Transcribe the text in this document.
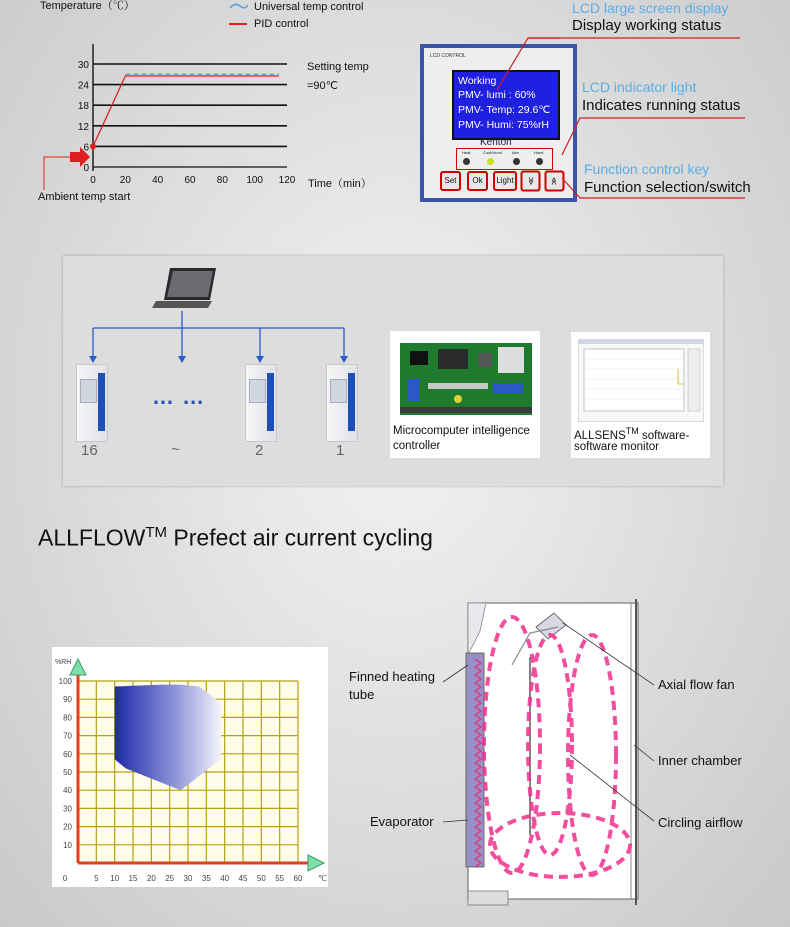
Temperature（℃）	Universal temp control
PID control
0
6
12
18
24
30
0 20 40 60 80 100 120
Setting temp
=90℃
Time（min）
Ambient temp start
LCD CONTROL
Working
PMV- lumi : 60%
PMV- Temp: 29.6℃
PMV- Humi: 75%rH
Kenton
Heat	Cool/Humi	Alm	Humi
Set	Ok	Light	≫	≫
LCD large screen display
Display working status
LCD indicator light
Indicates running status
Function control key
Function selection/switch
… …
16	~	2	1
Microcomputer intelligence
controller
ALLSENS™ software-
software monitor
ALLFLOW™ Prefect air current cycling
10
20
30
40
50
60
70
80
90
100
0	5 10 15 20 25 30 35 40 45 50 55 60 ℃
%RH
Finned heating
tube
Evaporator
Axial flow fan
Inner chamber
Circling airflow
